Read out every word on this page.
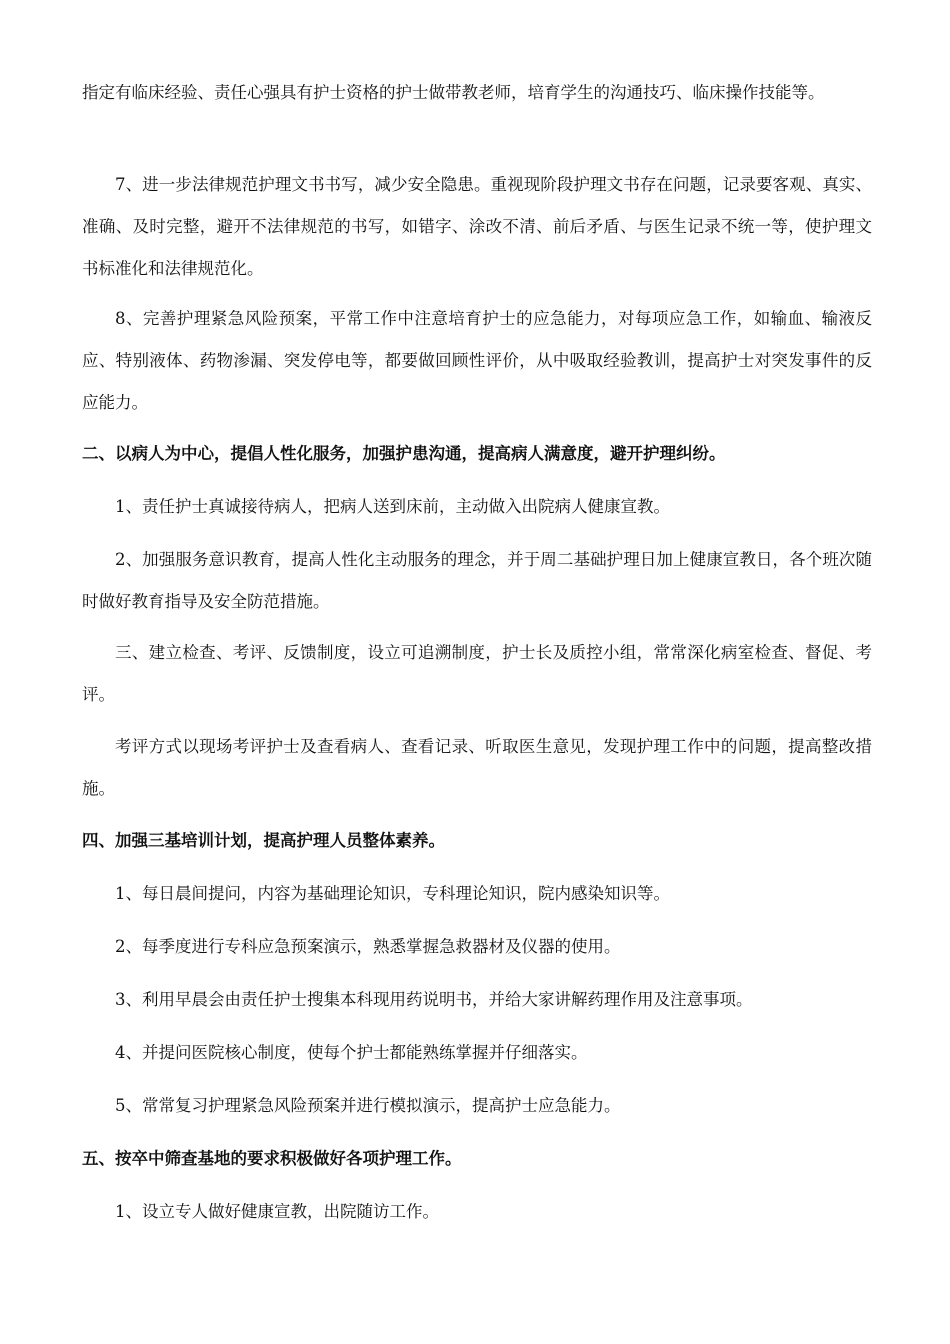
指定有临床经验、责任心强具有护士资格的护士做带教老师，培育学生的沟通技巧、临床操作技能等。

7、进一步法律规范护理文书书写，减少安全隐患。重视现阶段护理文书存在问题，记录要客观、真实、准确、及时完整，避开不法律规范的书写，如错字、涂改不清、前后矛盾、与医生记录不统一等，使护理文书标准化和法律规范化。

8、完善护理紧急风险预案，平常工作中注意培育护士的应急能力，对每项应急工作，如输血、输液反应、特别液体、药物渗漏、突发停电等，都要做回顾性评价，从中吸取经验教训，提高护士对突发事件的反应能力。

二、以病人为中心，提倡人性化服务，加强护患沟通，提高病人满意度，避开护理纠纷。

1、责任护士真诚接待病人，把病人送到床前，主动做入出院病人健康宣教。

2、加强服务意识教育，提高人性化主动服务的理念，并于周二基础护理日加上健康宣教日，各个班次随时做好教育指导及安全防范措施。

三、建立检查、考评、反馈制度，设立可追溯制度，护士长及质控小组，常常深化病室检查、督促、考评。

考评方式以现场考评护士及查看病人、查看记录、听取医生意见，发现护理工作中的问题，提高整改措施。

四、加强三基培训计划，提高护理人员整体素养。

1、每日晨间提问，内容为基础理论知识，专科理论知识，院内感染知识等。

2、每季度进行专科应急预案演示，熟悉掌握急救器材及仪器的使用。

3、利用早晨会由责任护士搜集本科现用药说明书，并给大家讲解药理作用及注意事项。

4、并提问医院核心制度，使每个护士都能熟练掌握并仔细落实。

5、常常复习护理紧急风险预案并进行模拟演示，提高护士应急能力。

五、按卒中筛查基地的要求积极做好各项护理工作。

1、设立专人做好健康宣教，出院随访工作。
